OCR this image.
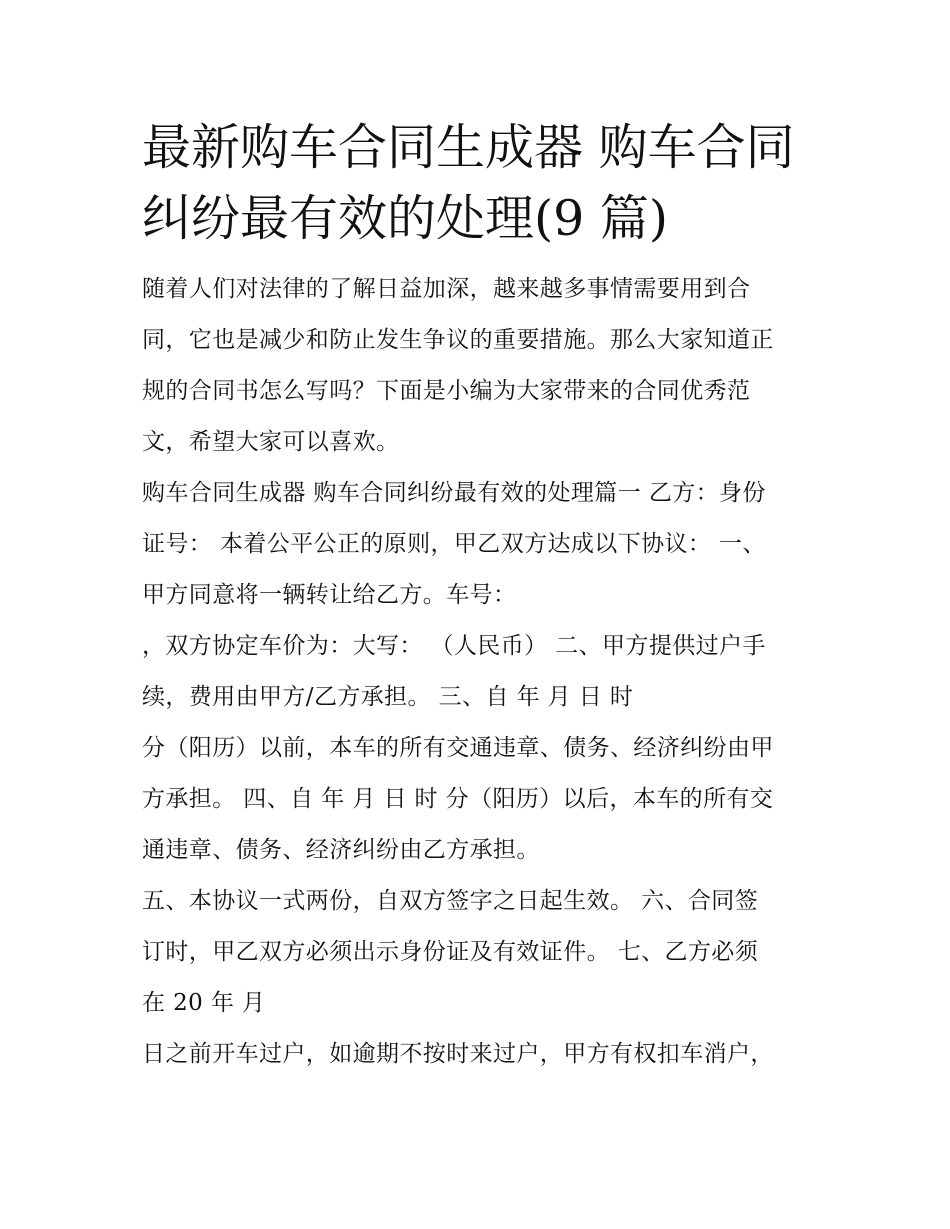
最新购车合同生成器 购车合同
纠纷最有效的处理(9 篇)

随着人们对法律的了解日益加深，越来越多事情需要用到合
同，它也是减少和防止发生争议的重要措施。那么大家知道正
规的合同书怎么写吗？下面是小编为大家带来的合同优秀范
文，希望大家可以喜欢。

购车合同生成器 购车合同纠纷最有效的处理篇一 乙方：身份
证号： 本着公平公正的原则，甲乙双方达成以下协议： 一、
甲方同意将一辆转让给乙方。车号：

，双方协定车价为：大写： （人民币） 二、甲方提供过户手
续，费用由甲方/乙方承担。 三、自 年 月 日 时

分（阳历）以前，本车的所有交通违章、债务、经济纠纷由甲
方承担。 四、自 年 月 日 时 分（阳历）以后，本车的所有交
通违章、债务、经济纠纷由乙方承担。

五、本协议一式两份，自双方签字之日起生效。 六、合同签
订时，甲乙双方必须出示身份证及有效证件。 七、乙方必须
在 20 年 月

日之前开车过户，如逾期不按时来过户，甲方有权扣车消户，
